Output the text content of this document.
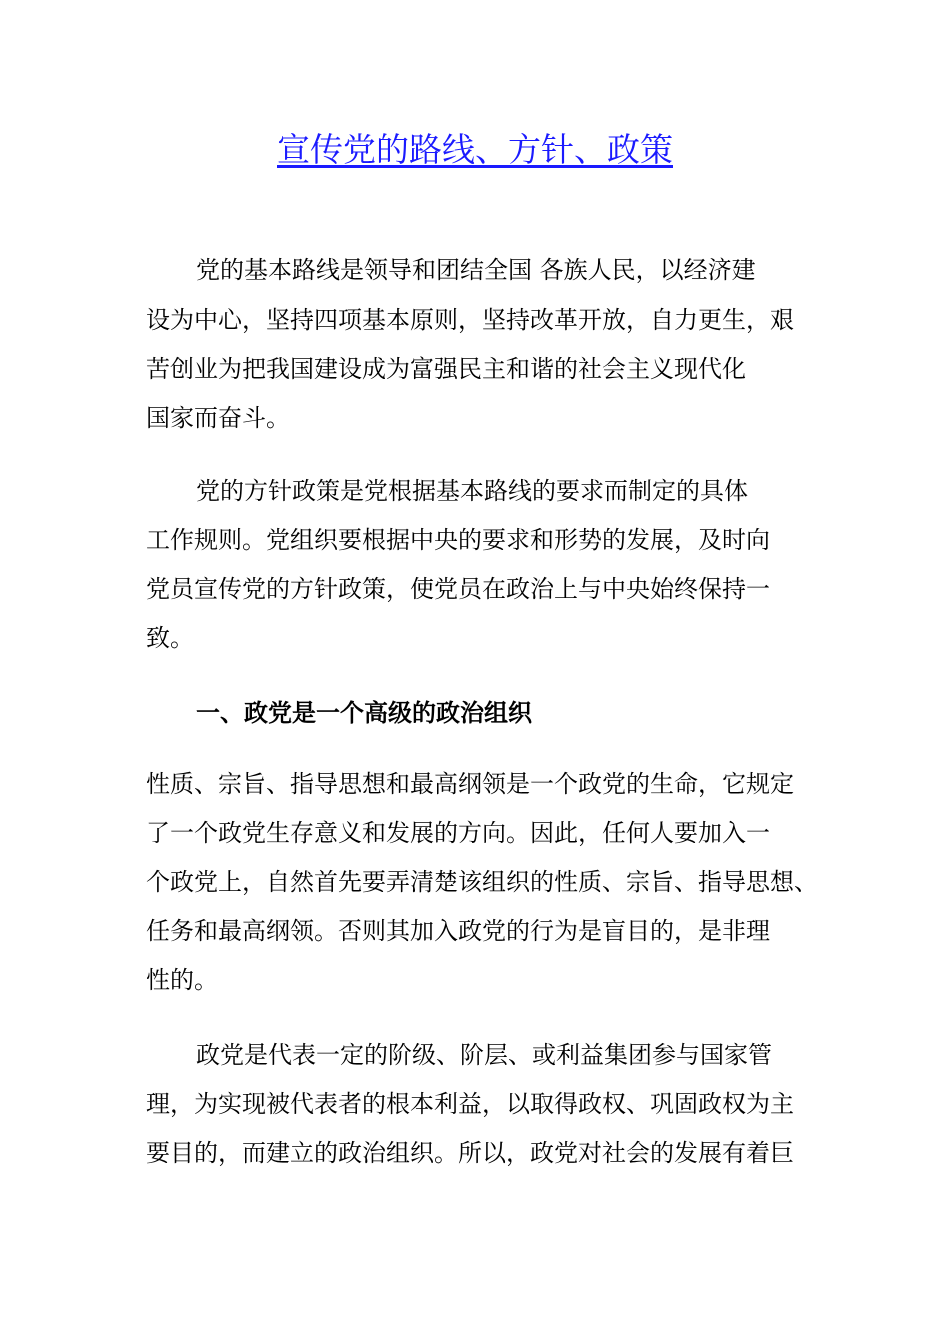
宣传党的路线、方针、政策

党的基本路线是领导和团结全国 各族人民，以经济建

设为中心，坚持四项基本原则，坚持改革开放，自力更生，艰

苦创业为把我国建设成为富强民主和谐的社会主义现代化

国家而奋斗。

党的方针政策是党根据基本路线的要求而制定的具体

工作规则。党组织要根据中央的要求和形势的发展，及时向

党员宣传党的方针政策，使党员在政治上与中央始终保持一

致。

一、政党是一个高级的政治组织

性质、宗旨、指导思想和最高纲领是一个政党的生命，它规定

了一个政党生存意义和发展的方向。因此，任何人要加入一

个政党上，自然首先要弄清楚该组织的性质、宗旨、指导思想、

任务和最高纲领。否则其加入政党的行为是盲目的，是非理

性的。

政党是代表一定的阶级、阶层、或利益集团参与国家管

理，为实现被代表者的根本利益，以取得政权、巩固政权为主

要目的，而建立的政治组织。所以，政党对社会的发展有着巨
